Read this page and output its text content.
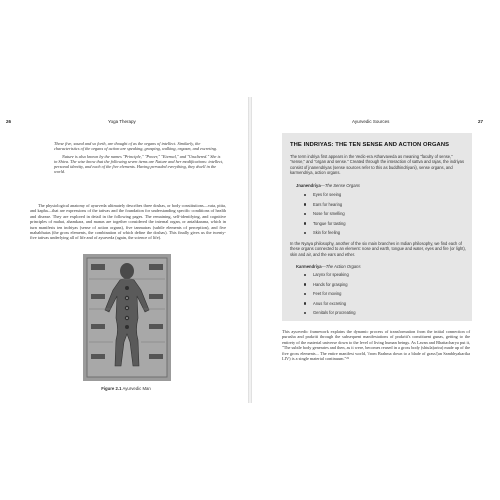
26	Yoga Therapy

These five, sound and so forth, are thought of as the organs of intellect. Similarly, the characteristics of the organs of action are speaking, grasping, walking, orgasm, and excreting.

Nature is also known by the names "Principle," "Power," "Eternal," and "Unaltered." She is in Shiva. The wise know that the following seven items are Nature and her modifications: intellect, personal identity, and each of the five elements. Having pervaded everything, they dwell in the world.

The physiological anatomy of ayurveda ultimately describes three doshas, or body constitutions—vata, pitta, and kapha—that are expressions of the tattvas and the foundation for understanding specific conditions of health and disease. They are explored in detail in the following pages. The remaining, self-identifying, and cognitive principles of mahat, ahamkara, and manas are together considered the internal organ, or antahkarana, which in turn manifests ten indriyas (sense of action organs), five tanmatras (subtle elements of perception), and five mahabhutas (the gross elements, the combination of which define the doshas). This finally gives us the twenty-five tattvas underlying all of life and of ayurveda (again, the science of life).

Figure 2.1 Ayurvedic Man
Ayurvedic Sources	27
THE INDRIYAS: THE TEN SENSE AND ACTION ORGANS
The term indriya first appears in the Vedic-era Atharvaveda as meaning "faculty of sense," "sense," and "organ and sense." Created through the interaction of sattva and rajas, the indriyas consist of jnanendriyas (sense sources refer to this as buddhindriyani), sense organs, and karmendriya, action organs.
Jnanendriya—The Sense Organs
Eyes for seeing
Ears for hearing
Nose for smelling
Tongue for tasting
Skin for feeling
In the Nyaya philosophy, another of the six main branches in Indian philosophy, we find each of these organs connected to an element: nose and earth, tongue and water, eyes and fire (or light), skin and air, and the ears and ether.
Karmendriya—The Action Organs
Larynx for speaking
Hands for grasping
Feet for moving
Anus for excreting
Genitals for procreating

This ayurvedic framework explains the dynamic process of transformation from the initial connection of purusha and prakriti through the subsequent manifestations of prakriti's constituent gunas, getting to the entirety of the material universe down to the level of living human beings. As Lavan and Bhattacharya put it, "The subtle body generates and then, as it were, becomes reused in a gross body (shtula)arira) made up of the five gross elements... The entire manifest world, 'from Brahma down to a blade of grass'(an Sambhyakarika LIV) is a single material continuum."²³
